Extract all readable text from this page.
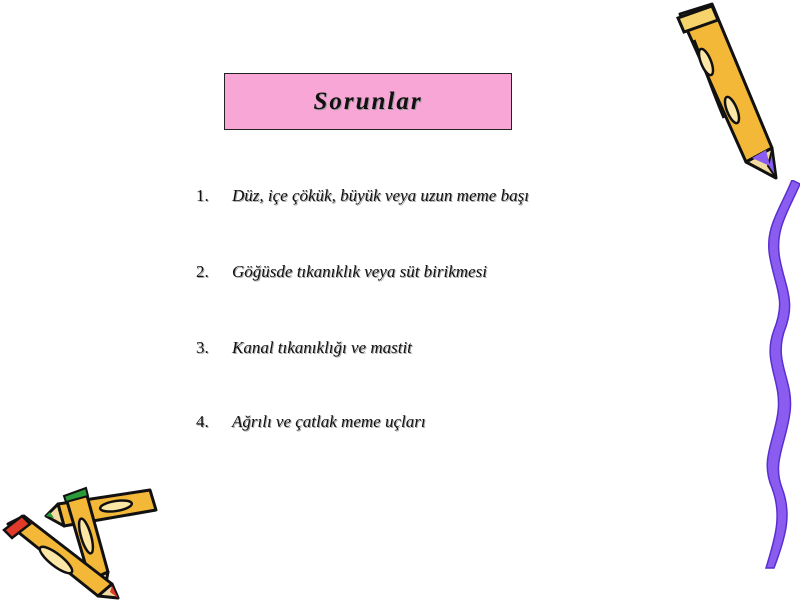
Sorunlar
1. Düz, içe çökük, büyük veya uzun meme başı
2. Göğüsde tıkanıklık veya süt birikmesi
3. Kanal tıkanıklığı ve mastit
4. Ağrılı ve çatlak meme uçları
